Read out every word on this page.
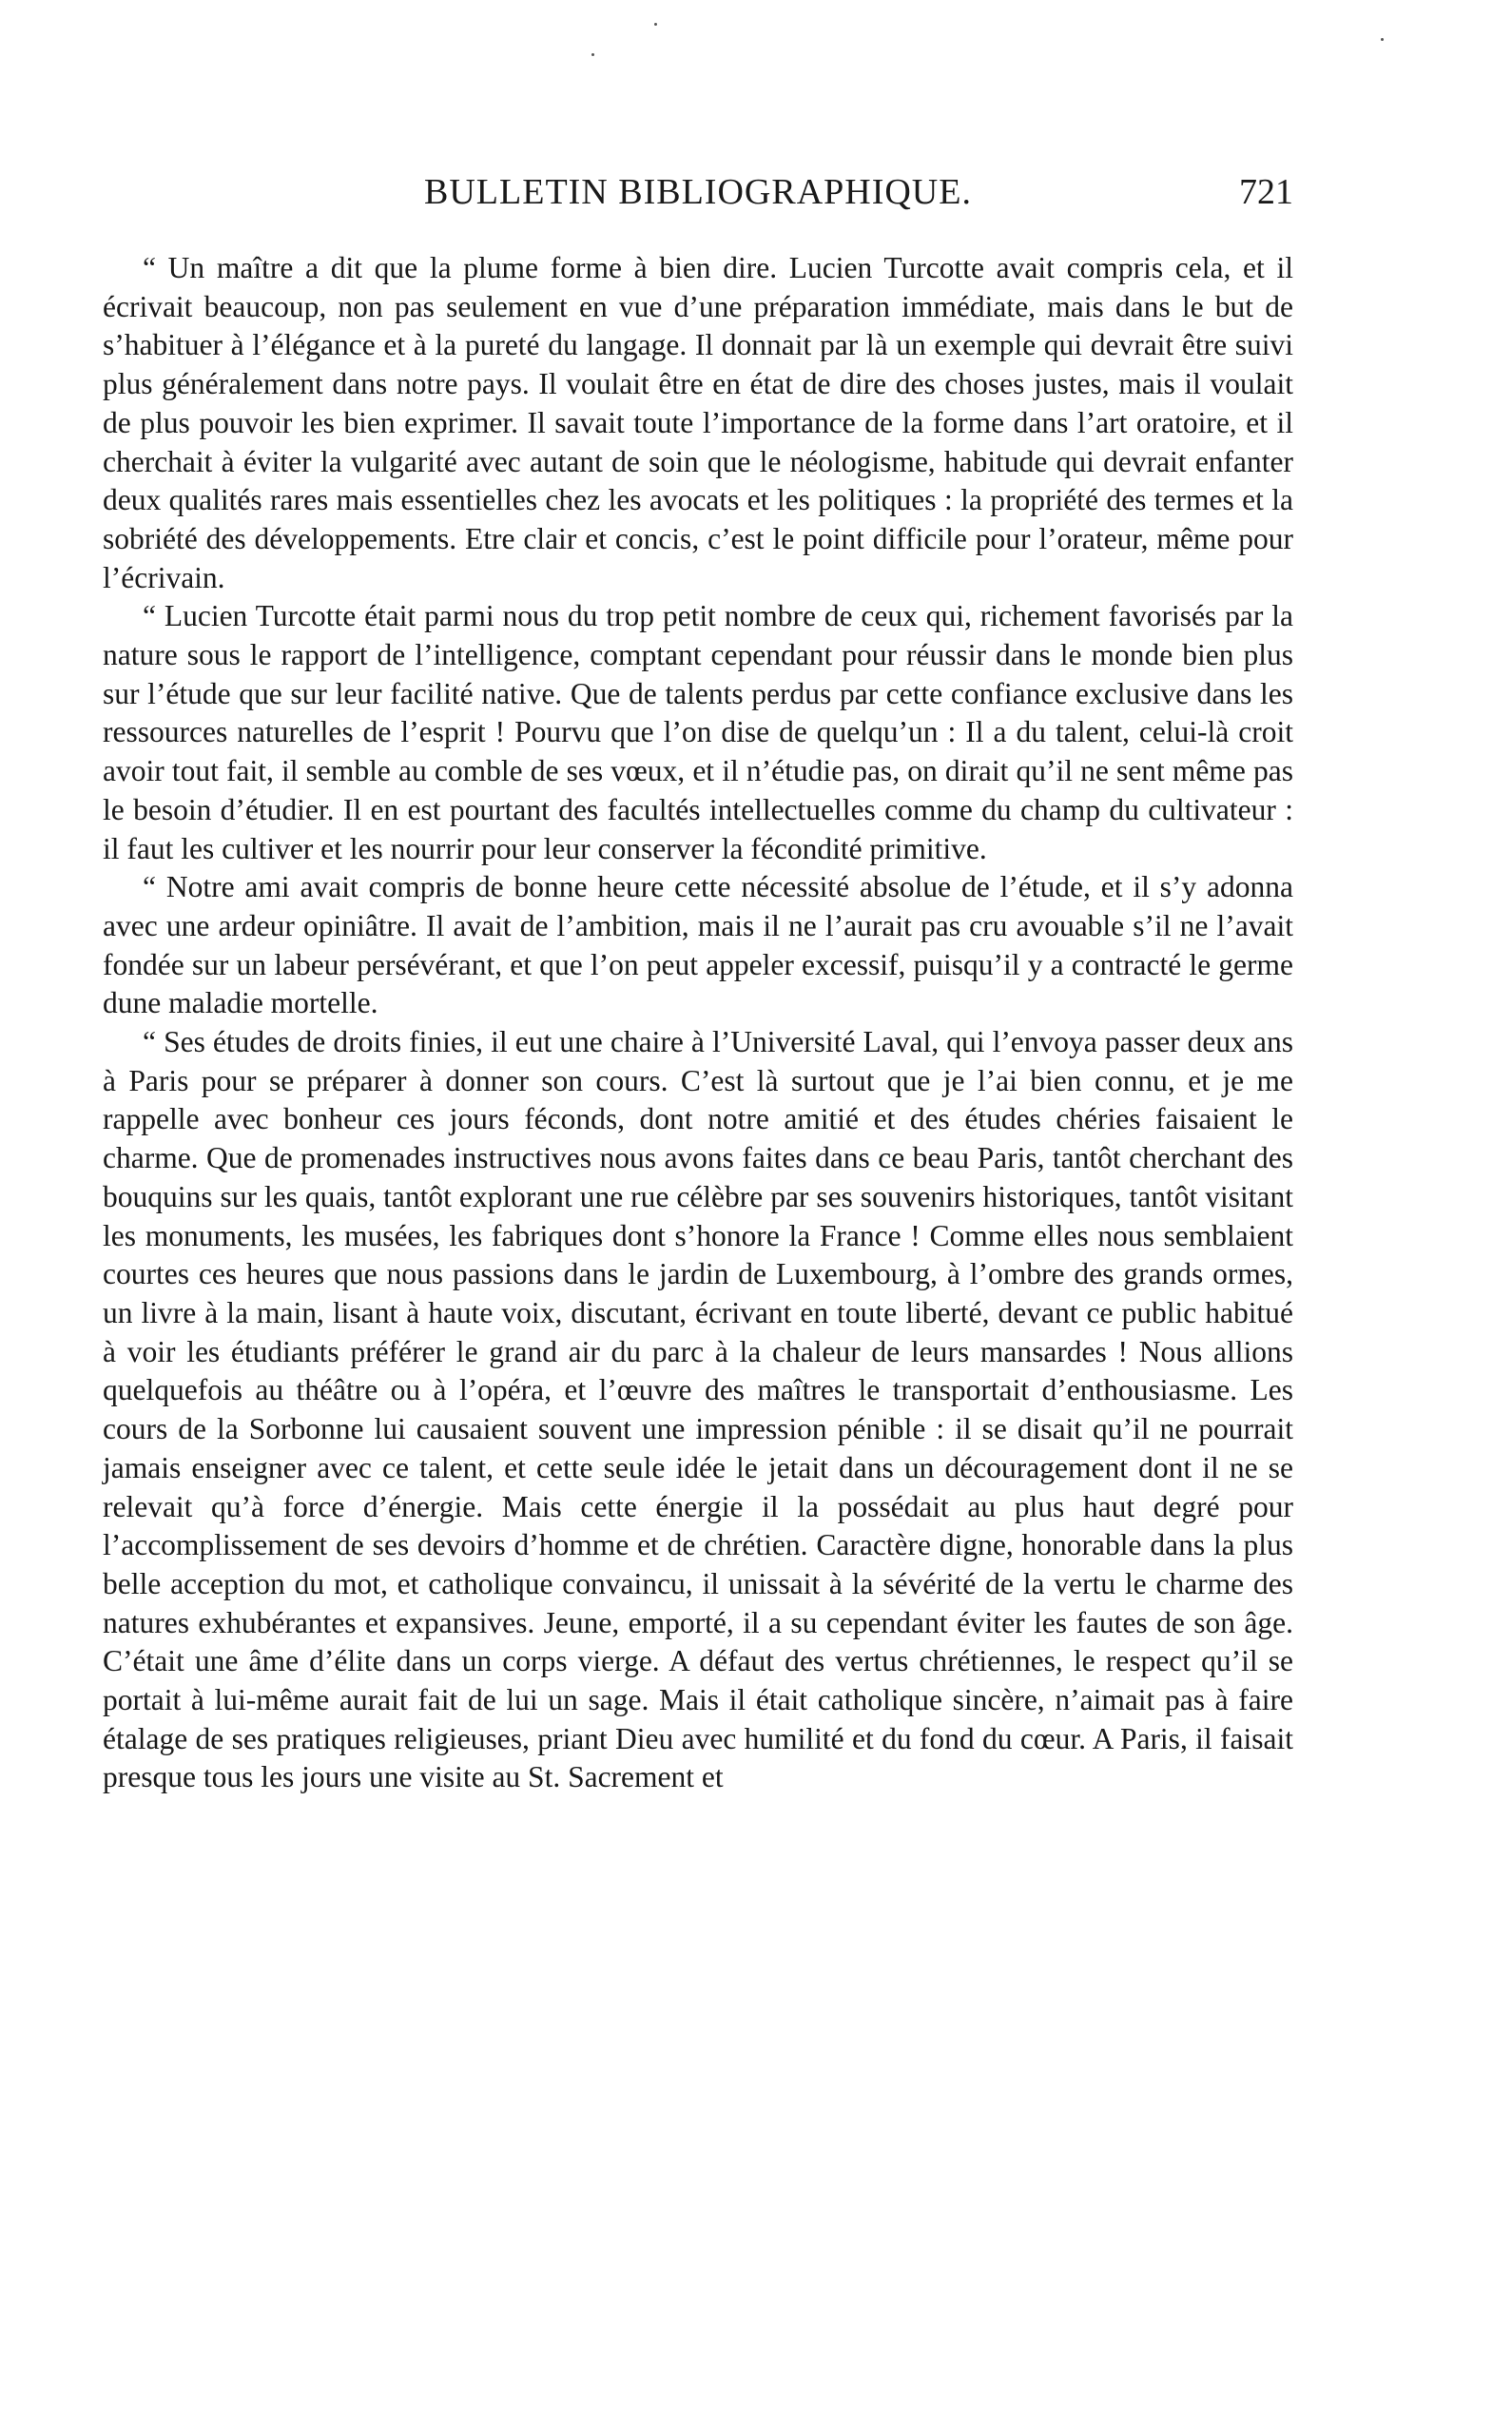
BULLETIN BIBLIOGRAPHIQUE.	721

“ Un maître a dit que la plume forme à bien dire. Lucien Turcotte avait compris cela, et il écrivait beaucoup, non pas seulement en vue d’une préparation immédiate, mais dans le but de s’habituer à l’élégance et à la pureté du langage. Il donnait par là un exemple qui devrait être suivi plus généralement dans notre pays. Il voulait être en état de dire des choses justes, mais il voulait de plus pouvoir les bien exprimer. Il savait toute l’importance de la forme dans l’art oratoire, et il cherchait à éviter la vulgarité avec autant de soin que le néologisme, habitude qui devrait enfanter deux qualités rares mais essentielles chez les avocats et les politiques : la propriété des termes et la sobriété des développements. Etre clair et concis, c’est le point difficile pour l’orateur, même pour l’écrivain.

“ Lucien Turcotte était parmi nous du trop petit nombre de ceux qui, richement favorisés par la nature sous le rapport de l’intelligence, comptant cependant pour réussir dans le monde bien plus sur l’étude que sur leur facilité native. Que de talents perdus par cette confiance exclusive dans les ressources naturelles de l’esprit ! Pourvu que l’on dise de quelqu’un : Il a du talent, celui-là croit avoir tout fait, il semble au comble de ses vœux, et il n’étudie pas, on dirait qu’il ne sent même pas le besoin d’étudier. Il en est pourtant des facultés intellectuelles comme du champ du cultivateur : il faut les cultiver et les nourrir pour leur conserver la fécondité primitive.

“ Notre ami avait compris de bonne heure cette nécessité absolue de l’étude, et il s’y adonna avec une ardeur opiniâtre. Il avait de l’ambition, mais il ne l’aurait pas cru avouable s’il ne l’avait fondée sur un labeur persévérant, et que l’on peut appeler excessif, puisqu’il y a contracté le germe dune maladie mortelle.

“ Ses études de droits finies, il eut une chaire à l’Université Laval, qui l’envoya passer deux ans à Paris pour se préparer à donner son cours. C’est là surtout que je l’ai bien connu, et je me rappelle avec bonheur ces jours féconds, dont notre amitié et des études chéries faisaient le charme. Que de promenades instructives nous avons faites dans ce beau Paris, tantôt cherchant des bouquins sur les quais, tantôt explorant une rue célèbre par ses souvenirs historiques, tantôt visitant les monuments, les musées, les fabriques dont s’honore la France ! Comme elles nous semblaient courtes ces heures que nous passions dans le jardin de Luxembourg, à l’ombre des grands ormes, un livre à la main, lisant à haute voix, discutant, écrivant en toute liberté, devant ce public habitué à voir les étudiants préférer le grand air du parc à la chaleur de leurs mansardes ! Nous allions quelquefois au théâtre ou à l’opéra, et l’œuvre des maîtres le transportait d’enthousiasme. Les cours de la Sorbonne lui causaient souvent une impression pénible : il se disait qu’il ne pourrait jamais enseigner avec ce talent, et cette seule idée le jetait dans un découragement dont il ne se relevait qu’à force d’énergie. Mais cette énergie il la possédait au plus haut degré pour l’accomplissement de ses devoirs d’homme et de chrétien. Caractère digne, honorable dans la plus belle acception du mot, et catholique convaincu, il unissait à la sévérité de la vertu le charme des natures exhubérantes et expansives. Jeune, emporté, il a su cependant éviter les fautes de son âge. C’était une âme d’élite dans un corps vierge. A défaut des vertus chrétiennes, le respect qu’il se portait à lui-même aurait fait de lui un sage. Mais il était catholique sincère, n’aimait pas à faire étalage de ses pratiques religieuses, priant Dieu avec humilité et du fond du cœur. A Paris, il faisait presque tous les jours une visite au St. Sacrement et
